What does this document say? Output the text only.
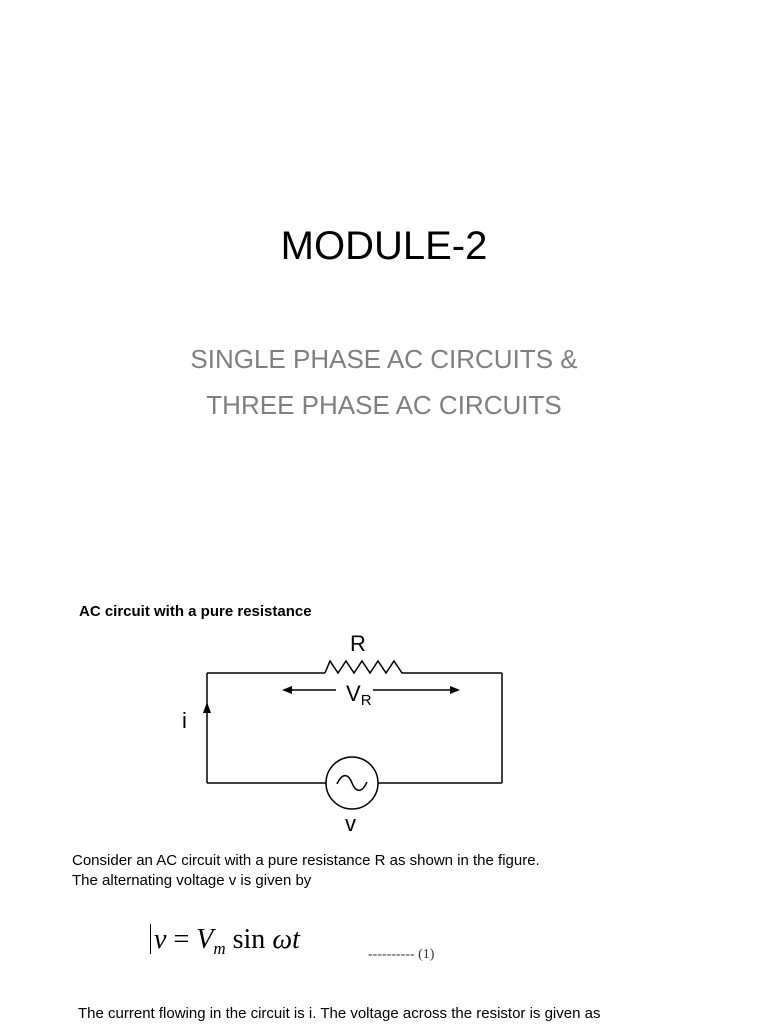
MODULE-2
SINGLE PHASE AC CIRCUITS &
THREE PHASE AC CIRCUITS
AC circuit with a pure resistance
R
VR
i
v
Consider an AC circuit with a pure resistance R as shown in the figure.
The alternating voltage v is given by
$v = V_m$ sin ωt	---------- (1)
The current flowing in the circuit is i. The voltage across the resistor is given as
